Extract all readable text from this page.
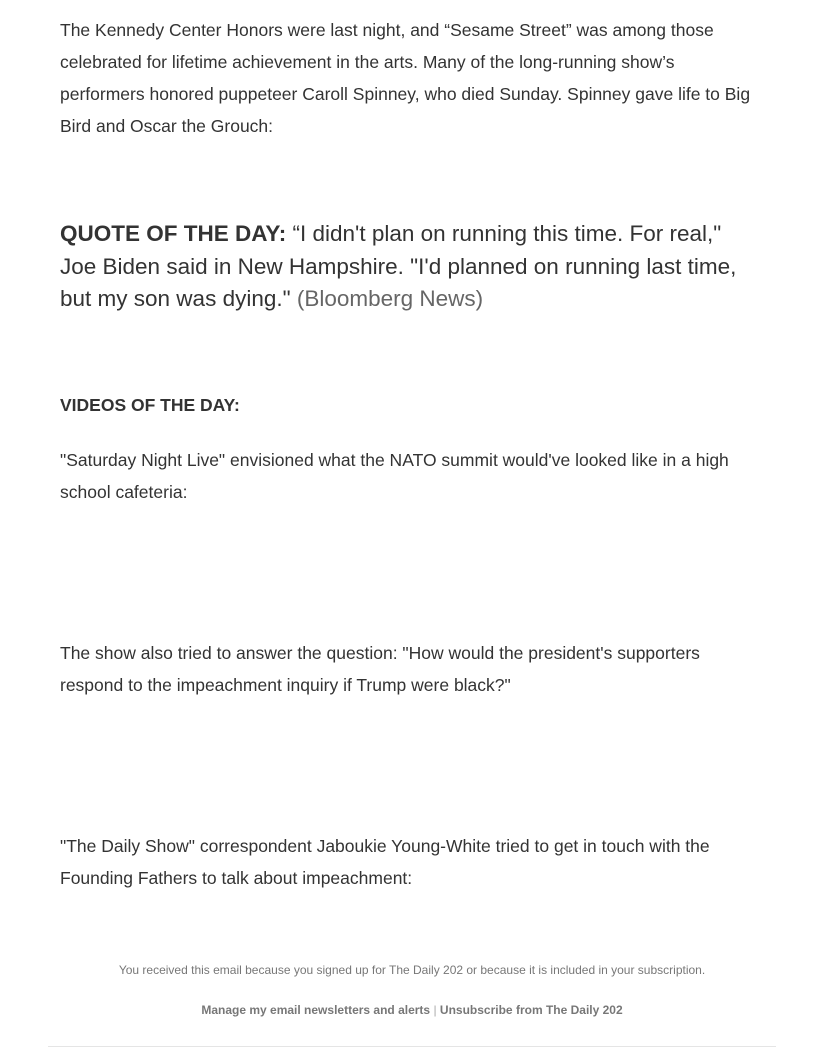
The Kennedy Center Honors were last night, and “Sesame Street” was among those celebrated for lifetime achievement in the arts. Many of the long-running show’s performers honored puppeteer Caroll Spinney, who died Sunday. Spinney gave life to Big Bird and Oscar the Grouch:

QUOTE OF THE DAY: “I didn't plan on running this time. For real," Joe Biden said in New Hampshire. "I'd planned on running last time, but my son was dying." (Bloomberg News)

VIDEOS OF THE DAY:

"Saturday Night Live" envisioned what the NATO summit would've looked like in a high school cafeteria:

The show also tried to answer the question: "How would the president's supporters respond to the impeachment inquiry if Trump were black?"

"The Daily Show" correspondent Jaboukie Young-White tried to get in touch with the Founding Fathers to talk about impeachment:

You received this email because you signed up for The Daily 202 or because it is included in your subscription.

Manage my email newsletters and alerts | Unsubscribe from The Daily 202
